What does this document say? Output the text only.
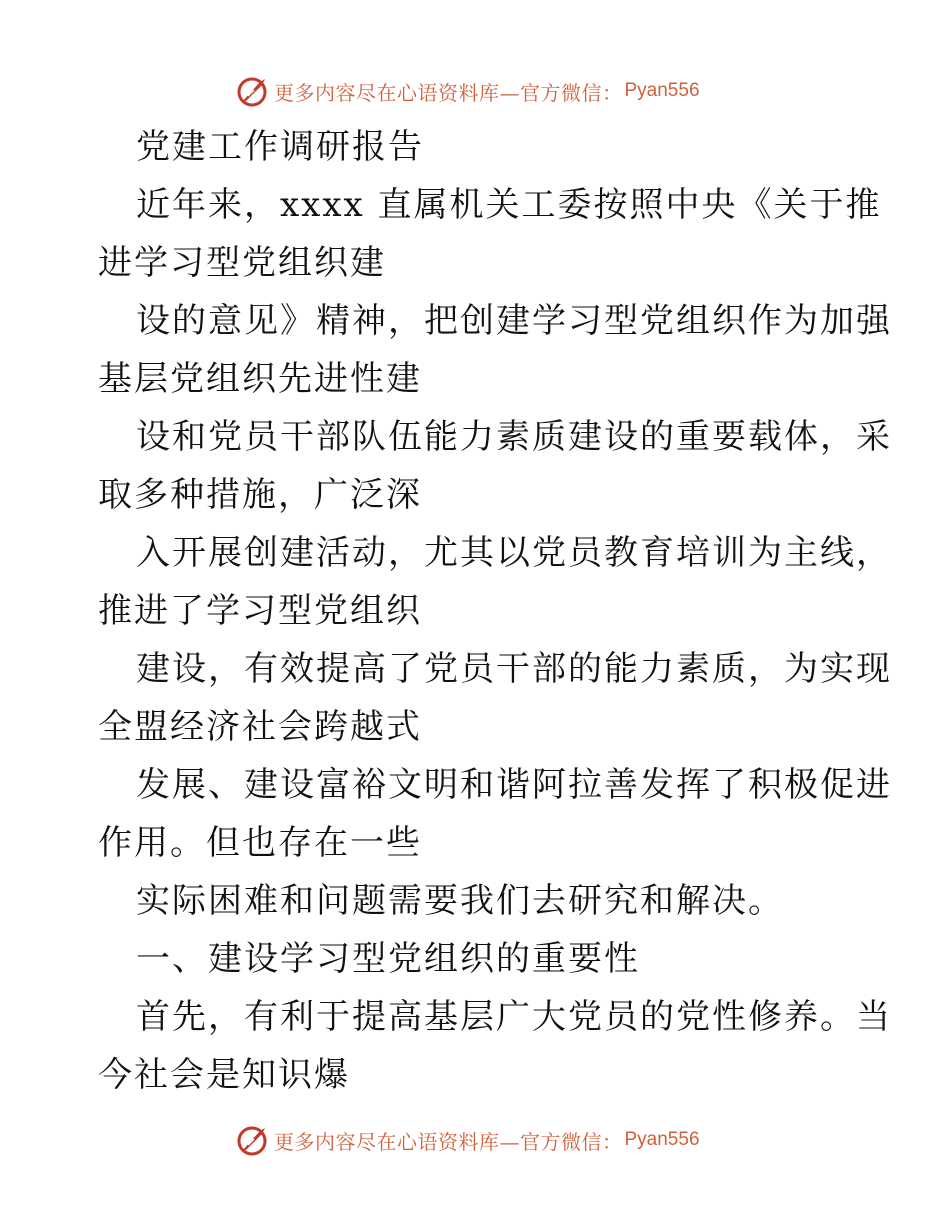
更多内容尽在心语资料库—官方微信： Pyan556
党建工作调研报告
近年来，xxxx 直属机关工委按照中央《关于推
进学习型党组织建
设的意见》精神，把创建学习型党组织作为加强
基层党组织先进性建
设和党员干部队伍能力素质建设的重要载体，采
取多种措施，广泛深
入开展创建活动，尤其以党员教育培训为主线，
推进了学习型党组织
建设，有效提高了党员干部的能力素质，为实现
全盟经济社会跨越式
发展、建设富裕文明和谐阿拉善发挥了积极促进
作用。但也存在一些
实际困难和问题需要我们去研究和解决。
一、建设学习型党组织的重要性
首先，有利于提高基层广大党员的党性修养。当
今社会是知识爆
更多内容尽在心语资料库—官方微信： Pyan556
